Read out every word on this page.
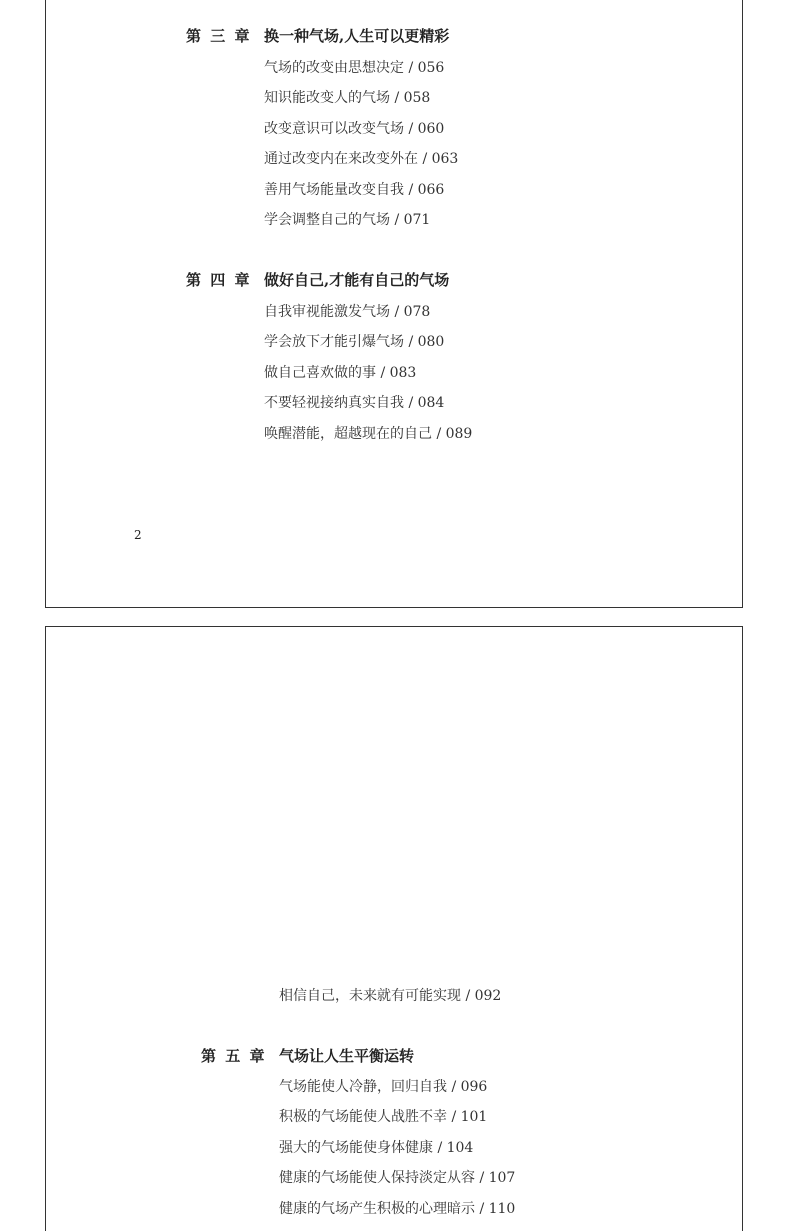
第 三 章 换一种气场,人生可以更精彩
气场的改变由思想决定 / 056
知识能改变人的气场 / 058
改变意识可以改变气场 / 060
通过改变内在来改变外在 / 063
善用气场能量改变自我 / 066
学会调整自己的气场 / 071
第 四 章 做好自己,才能有自己的气场
自我审视能激发气场 / 078
学会放下才能引爆气场 / 080
做自己喜欢做的事 / 083
不要轻视接纳真实自我 / 084
唤醒潜能，超越现在的自己 / 089
2
相信自己，未来就有可能实现 / 092
第 五 章 气场让人生平衡运转
气场能使人冷静，回归自我 / 096
积极的气场能使人战胜不幸 / 101
强大的气场能使身体健康 / 104
健康的气场能使人保持淡定从容 / 107
健康的气场产生积极的心理暗示 / 110
